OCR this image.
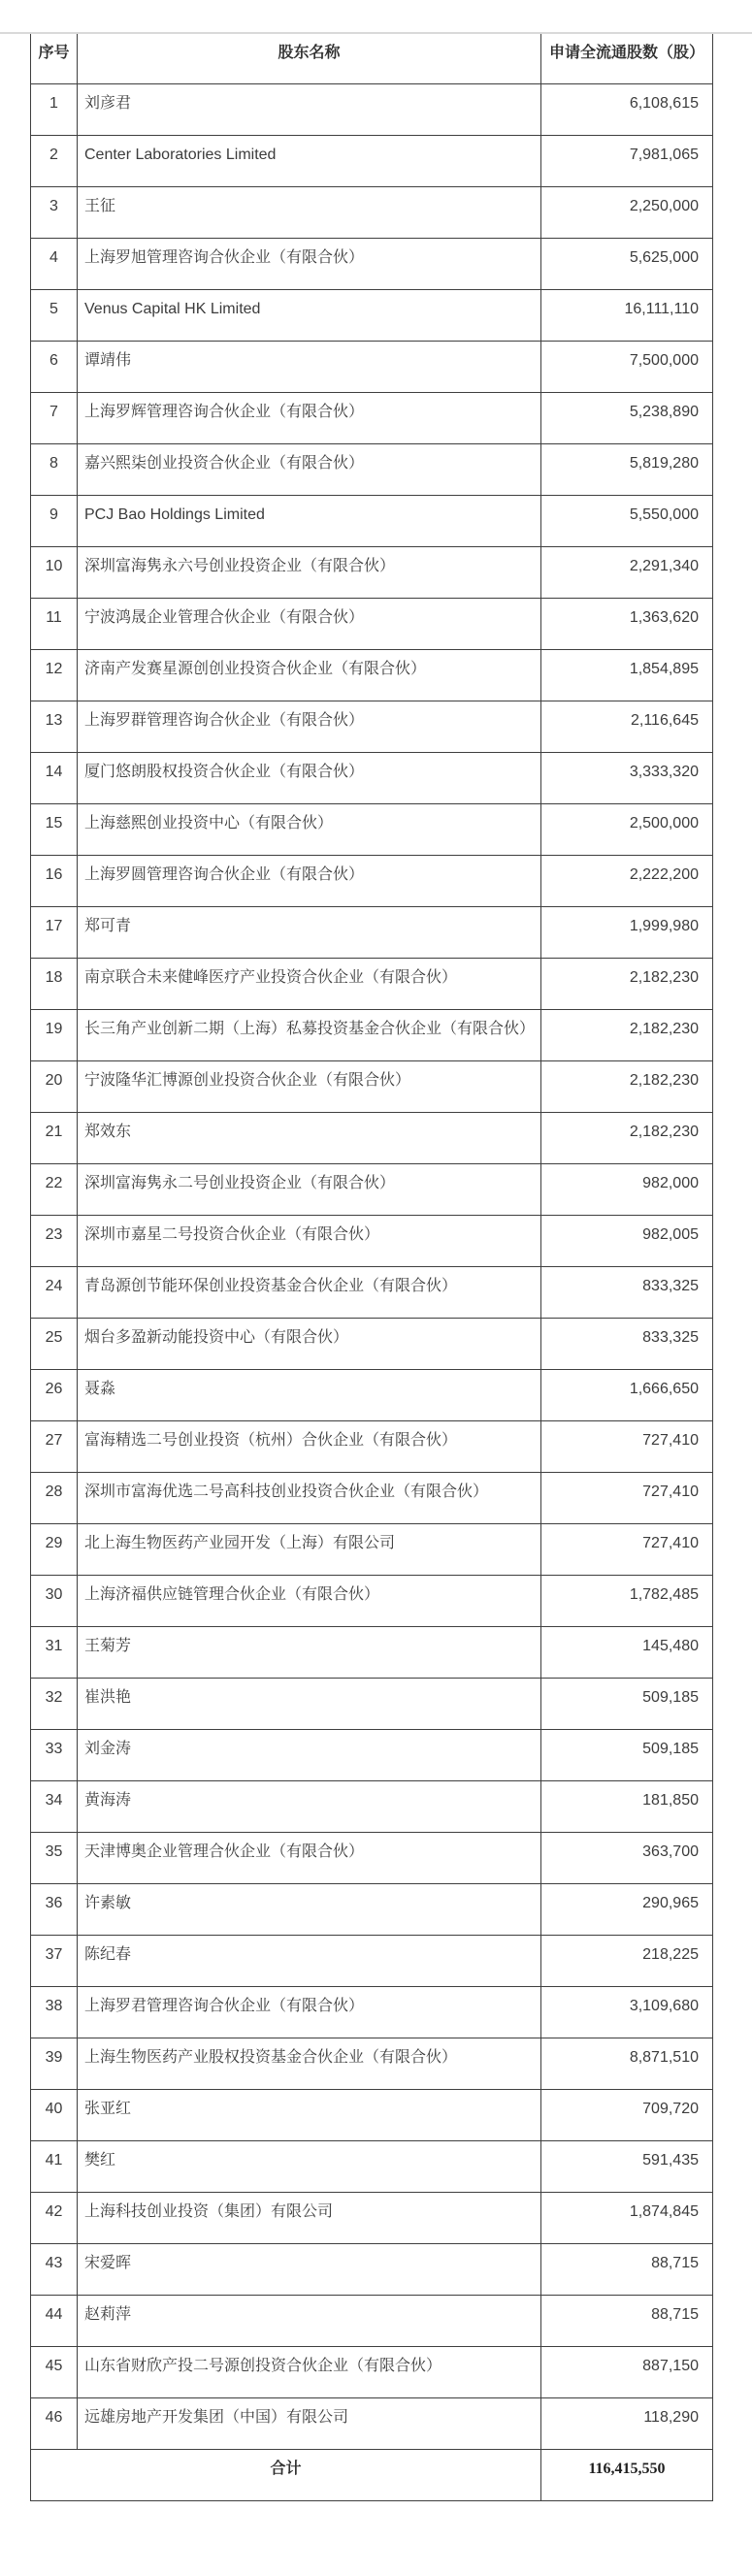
序号	股东名称	申请全流通股数（股）
1	刘彦君	6,108,615
2	Center Laboratories Limited	7,981,065
3	王征	2,250,000
4	上海罗旭管理咨询合伙企业（有限合伙）	5,625,000
5	Venus Capital HK Limited	16,111,110
6	谭靖伟	7,500,000
7	上海罗辉管理咨询合伙企业（有限合伙）	5,238,890
8	嘉兴熙柒创业投资合伙企业（有限合伙）	5,819,280
9	PCJ Bao Holdings Limited	5,550,000
10	深圳富海隽永六号创业投资企业（有限合伙）	2,291,340
11	宁波鸿晟企业管理合伙企业（有限合伙）	1,363,620
12	济南产发赛星源创创业投资合伙企业（有限合伙）	1,854,895
13	上海罗群管理咨询合伙企业（有限合伙）	2,116,645
14	厦门悠朗股权投资合伙企业（有限合伙）	3,333,320
15	上海慈熙创业投资中心（有限合伙）	2,500,000
16	上海罗圆管理咨询合伙企业（有限合伙）	2,222,200
17	郑可青	1,999,980
18	南京联合未来健峰医疗产业投资合伙企业（有限合伙）	2,182,230
19	长三角产业创新二期（上海）私募投资基金合伙企业（有限合伙）	2,182,230
20	宁波隆华汇博源创业投资合伙企业（有限合伙）	2,182,230
21	郑效东	2,182,230
22	深圳富海隽永二号创业投资企业（有限合伙）	982,000
23	深圳市嘉星二号投资合伙企业（有限合伙）	982,005
24	青岛源创节能环保创业投资基金合伙企业（有限合伙）	833,325
25	烟台多盈新动能投资中心（有限合伙）	833,325
26	聂淼	1,666,650
27	富海精选二号创业投资（杭州）合伙企业（有限合伙）	727,410
28	深圳市富海优选二号高科技创业投资合伙企业（有限合伙）	727,410
29	北上海生物医药产业园开发（上海）有限公司	727,410
30	上海济福供应链管理合伙企业（有限合伙）	1,782,485
31	王菊芳	145,480
32	崔洪艳	509,185
33	刘金涛	509,185
34	黄海涛	181,850
35	天津博奥企业管理合伙企业（有限合伙）	363,700
36	许素敏	290,965
37	陈纪春	218,225
38	上海罗君管理咨询合伙企业（有限合伙）	3,109,680
39	上海生物医药产业股权投资基金合伙企业（有限合伙）	8,871,510
40	张亚红	709,720
41	樊红	591,435
42	上海科技创业投资（集团）有限公司	1,874,845
43	宋爱晖	88,715
44	赵莉萍	88,715
45	山东省财欣产投二号源创投资合伙企业（有限合伙）	887,150
46	远雄房地产开发集团（中国）有限公司	118,290
合计		116,415,550
